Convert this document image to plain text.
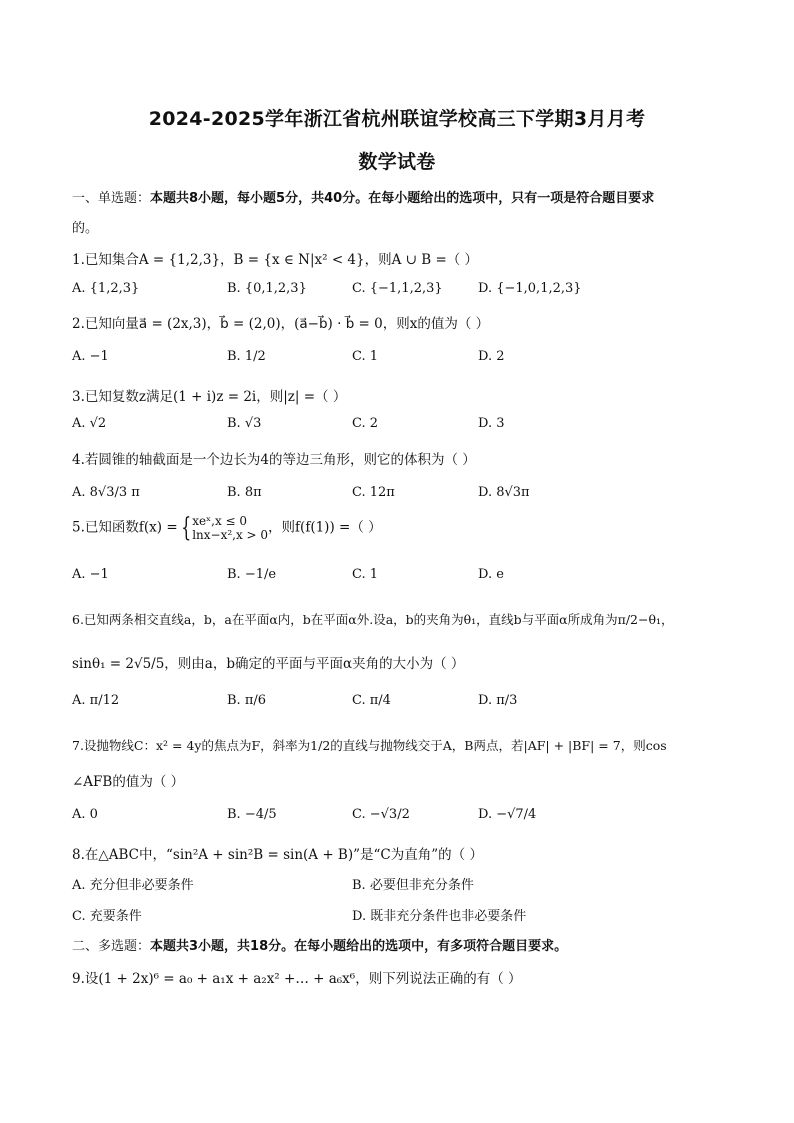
2024-2025学年浙江省杭州联谊学校高三下学期3月月考
数学试卷
一、单选题：本题共8小题，每小题5分，共40分。在每小题给出的选项中，只有一项是符合题目要求
的。
1.已知集合A = {1,2,3}，B = {x ∈ N|x² < 4}，则A ∪ B =（ ）
A. {1,2,3}	B. {0,1,2,3}	C. {−1,1,2,3}	D. {−1,0,1,2,3}
2.已知向量a⃗ = (2x,3)，b⃗ = (2,0)，(a⃗−b⃗) · b⃗ = 0，则x的值为（ ）
A. −1	B. 1/2	C. 1	D. 2
3.已知复数z满足(1 + i)z = 2i，则|z| =（ ）
A. √2	B. √3	C. 2	D. 3
4.若圆锥的轴截面是一个边长为4的等边三角形，则它的体积为（ ）
A. 8√3/3 π	B. 8π	C. 12π	D. 8√3π
5.已知函数f(x) = { xeˣ,x ≤ 0
lnx−x²,x > 0 ，则f(f(1)) =（ ）
A. −1	B. −1/e	C. 1	D. e
6.已知两条相交直线a，b，a在平面α内，b在平面α外.设a，b的夹角为θ₁，直线b与平面α所成角为π/2−θ₁，
sinθ₁ = 2√5/5，则由a，b确定的平面与平面α夹角的大小为（ ）
A. π/12	B. π/6	C. π/4	D. π/3
7.设抛物线C：x² = 4y的焦点为F，斜率为1/2的直线与抛物线交于A，B两点，若|AF| + |BF| = 7，则cos
∠AFB的值为（ ）
A. 0	B. −4/5	C. −√3/2	D. −√7/4
8.在△ABC中，“sin²A + sin²B = sin(A + B)”是“C为直角”的（ ）
A. 充分但非必要条件	B. 必要但非充分条件
C. 充要条件	D. 既非充分条件也非必要条件
二、多选题：本题共3小题，共18分。在每小题给出的选项中，有多项符合题目要求。
9.设(1 + 2x)⁶ = a₀ + a₁x + a₂x² +… + a₆x⁶，则下列说法正确的有（ ）
